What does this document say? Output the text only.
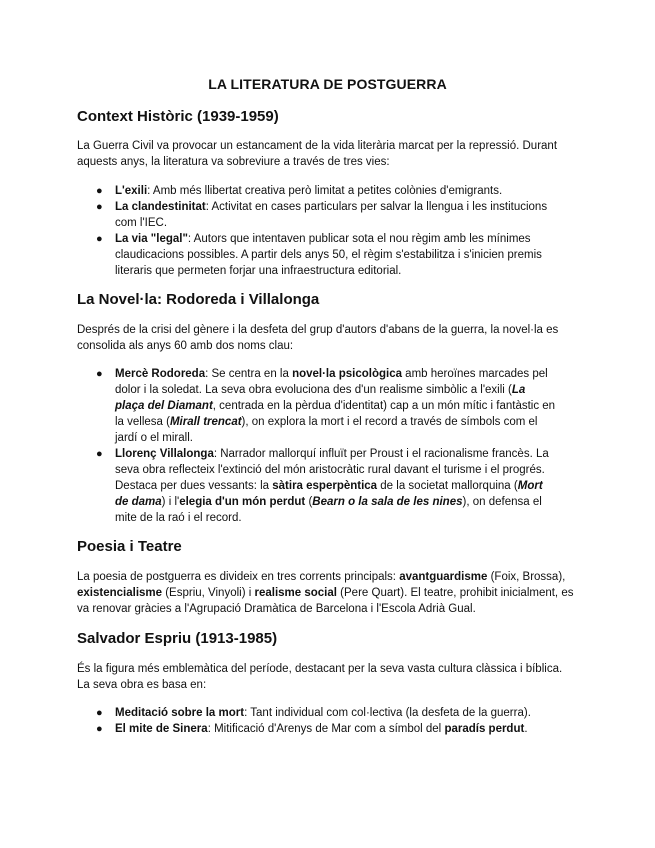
LA LITERATURA DE POSTGUERRA
Context Històric (1939-1959)

La Guerra Civil va provocar un estancament de la vida literària marcat per la repressió. Durant aquests anys, la literatura va sobreviure a través de tres vies:

● L'exili: Amb més llibertat creativa però limitat a petites colònies d'emigrants.
● La clandestinitat: Activitat en cases particulars per salvar la llengua i les institucions com l'IEC.
● La via "legal": Autors que intentaven publicar sota el nou règim amb les mínimes claudicacions possibles. A partir dels anys 50, el règim s'estabilitza i s'inicien premis literaris que permeten forjar una infraestructura editorial.
La Novel·la: Rodoreda i Villalonga

Després de la crisi del gènere i la desfeta del grup d'autors d'abans de la guerra, la novel·la es consolida als anys 60 amb dos noms clau:

● Mercè Rodoreda: Se centra en la novel·la psicològica amb heroïnes marcades pel dolor i la soledat. La seva obra evoluciona des d'un realisme simbòlic a l'exili (La plaça del Diamant, centrada en la pèrdua d'identitat) cap a un món mític i fantàstic en la vellesa (Mirall trencat), on explora la mort i el record a través de símbols com el jardí o el mirall.
● Llorenç Villalonga: Narrador mallorquí influït per Proust i el racionalisme francès. La seva obra reflecteix l'extinció del món aristocràtic rural davant el turisme i el progrés. Destaca per dues vessants: la sàtira esperpèntica de la societat mallorquina (Mort de dama) i l'elegia d'un món perdut (Bearn o la sala de les nines), on defensa el mite de la raó i el record.
Poesia i Teatre

La poesia de postguerra es divideix en tres corrents principals: avantguardisme (Foix, Brossa), existencialisme (Espriu, Vinyoli) i realisme social (Pere Quart). El teatre, prohibit inicialment, es va renovar gràcies a l'Agrupació Dramàtica de Barcelona i l'Escola Adrià Gual.

Salvador Espriu (1913-1985)

És la figura més emblemàtica del període, destacant per la seva vasta cultura clàssica i bíblica. La seva obra es basa en:

● Meditació sobre la mort: Tant individual com col·lectiva (la desfeta de la guerra).
● El mite de Sinera: Mitificació d'Arenys de Mar com a símbol del paradís perdut.
